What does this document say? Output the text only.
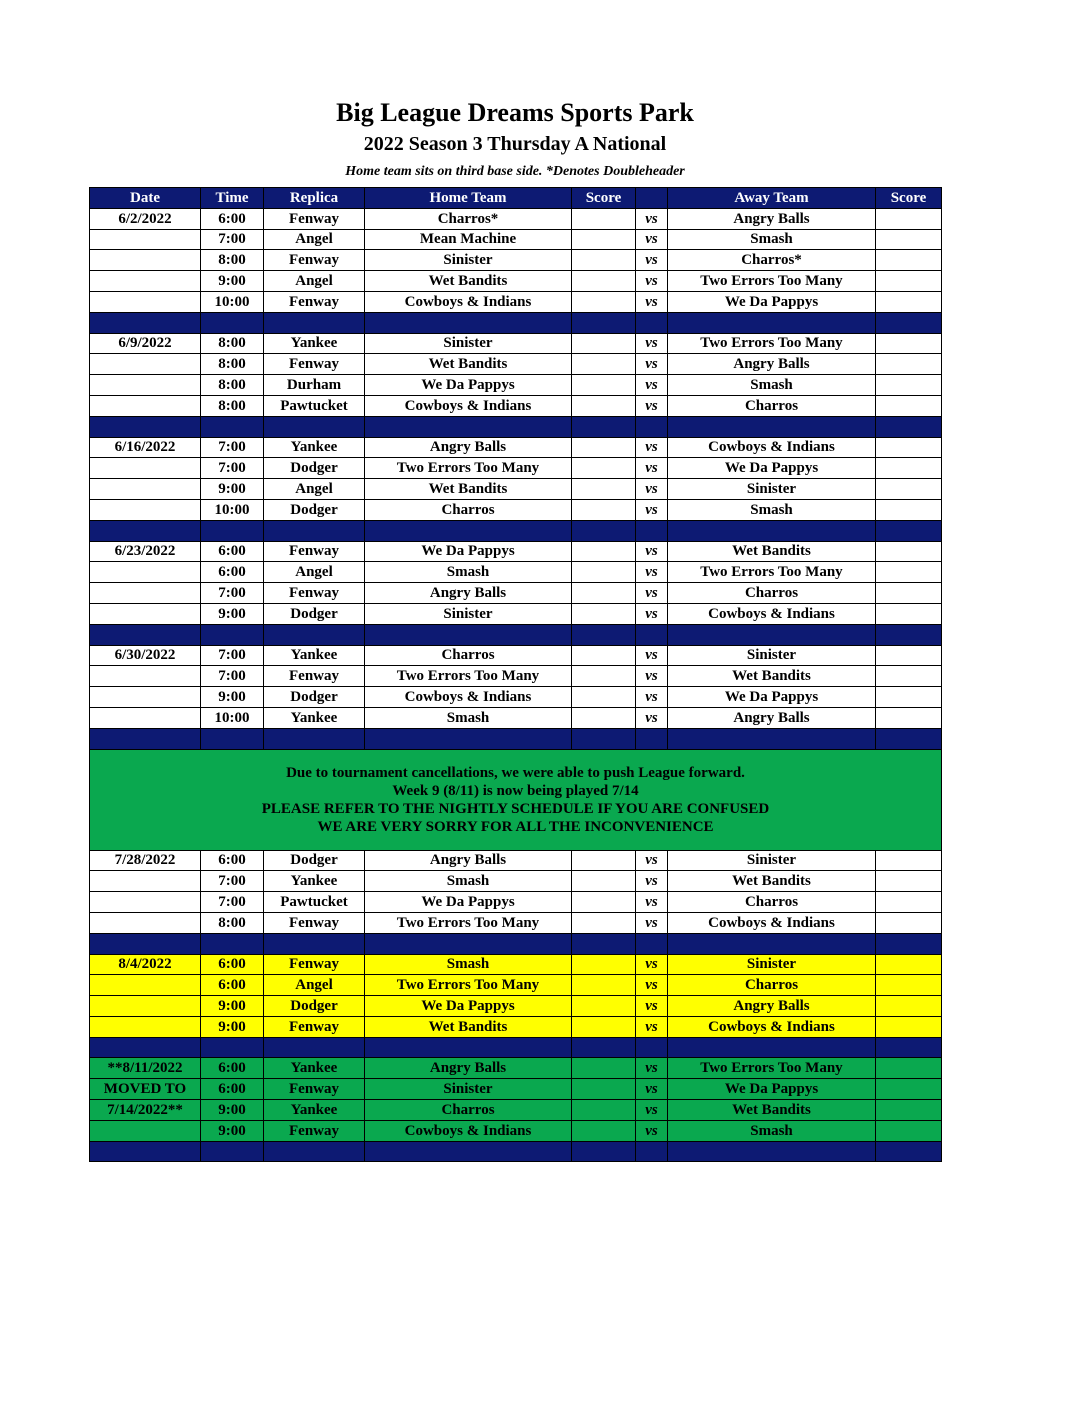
Big League Dreams Sports Park
2022 Season 3 Thursday A National
Home team sits on third base side. *Denotes Doubleheader
Date	Time	Replica	Home Team	Score		Away Team	Score
6/2/2022	6:00	Fenway	Charros*		vs	Angry Balls	
	7:00	Angel	Mean Machine		vs	Smash	
	8:00	Fenway	Sinister		vs	Charros*	
	9:00	Angel	Wet Bandits		vs	Two Errors Too Many	
	10:00	Fenway	Cowboys & Indians		vs	We Da Pappys	

6/9/2022	8:00	Yankee	Sinister		vs	Two Errors Too Many	
	8:00	Fenway	Wet Bandits		vs	Angry Balls	
	8:00	Durham	We Da Pappys		vs	Smash	
	8:00	Pawtucket	Cowboys & Indians		vs	Charros	

6/16/2022	7:00	Yankee	Angry Balls		vs	Cowboys & Indians	
	7:00	Dodger	Two Errors Too Many		vs	We Da Pappys	
	9:00	Angel	Wet Bandits		vs	Sinister	
	10:00	Dodger	Charros		vs	Smash	

6/23/2022	6:00	Fenway	We Da Pappys		vs	Wet Bandits	
	6:00	Angel	Smash		vs	Two Errors Too Many	
	7:00	Fenway	Angry Balls		vs	Charros	
	9:00	Dodger	Sinister		vs	Cowboys & Indians	

6/30/2022	7:00	Yankee	Charros		vs	Sinister	
	7:00	Fenway	Two Errors Too Many		vs	Wet Bandits	
	9:00	Dodger	Cowboys & Indians		vs	We Da Pappys	
	10:00	Yankee	Smash		vs	Angry Balls	

Due to tournament cancellations, we were able to push League forward.
Week 9 (8/11) is now being played 7/14
PLEASE REFER TO THE NIGHTLY SCHEDULE IF YOU ARE CONFUSED
WE ARE VERY SORRY FOR ALL THE INCONVENIENCE							

7/28/2022	6:00	Dodger	Angry Balls		vs	Sinister	
	7:00	Yankee	Smash		vs	Wet Bandits	
	7:00	Pawtucket	We Da Pappys		vs	Charros	
	8:00	Fenway	Two Errors Too Many		vs	Cowboys & Indians	

8/4/2022	6:00	Fenway	Smash		vs	Sinister	
	6:00	Angel	Two Errors Too Many		vs	Charros	
	9:00	Dodger	We Da Pappys		vs	Angry Balls	
	9:00	Fenway	Wet Bandits		vs	Cowboys & Indians	

**8/11/2022	6:00	Yankee	Angry Balls		vs	Two Errors Too Many	
MOVED TO	6:00	Fenway	Sinister		vs	We Da Pappys	
7/14/2022**	9:00	Yankee	Charros		vs	Wet Bandits	
	9:00	Fenway	Cowboys & Indians		vs	Smash	
